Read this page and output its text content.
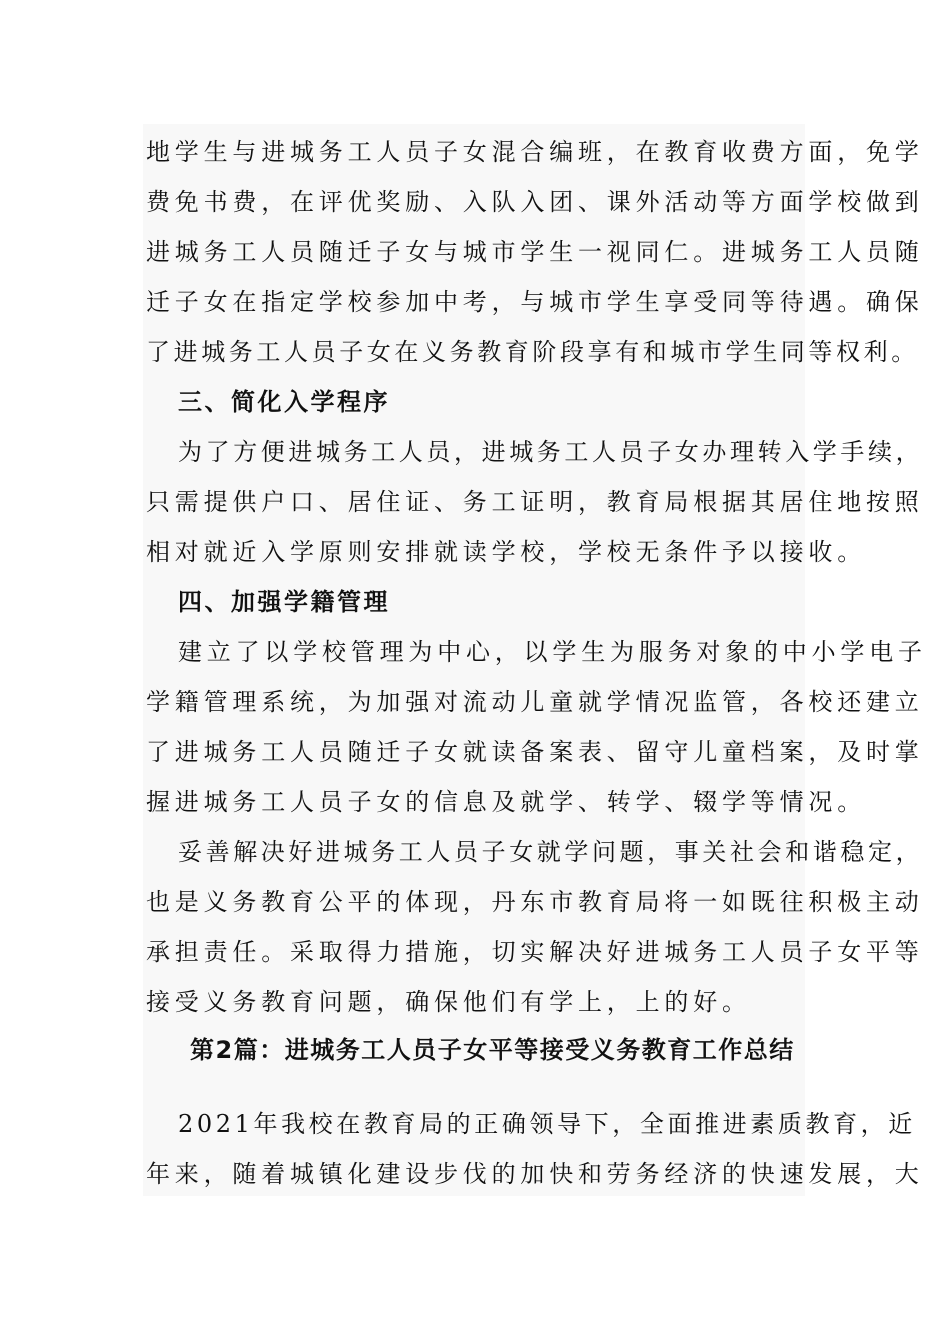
地学生与进城务工人员子女混合编班，在教育收费方面，免学
费免书费，在评优奖励、入队入团、课外活动等方面学校做到
进城务工人员随迁子女与城市学生一视同仁。进城务工人员随
迁子女在指定学校参加中考，与城市学生享受同等待遇。确保
了进城务工人员子女在义务教育阶段享有和城市学生同等权利。
三、简化入学程序
为了方便进城务工人员，进城务工人员子女办理转入学手续，
只需提供户口、居住证、务工证明，教育局根据其居住地按照
相对就近入学原则安排就读学校，学校无条件予以接收。
四、加强学籍管理
建立了以学校管理为中心，以学生为服务对象的中小学电子
学籍管理系统，为加强对流动儿童就学情况监管，各校还建立
了进城务工人员随迁子女就读备案表、留守儿童档案，及时掌
握进城务工人员子女的信息及就学、转学、辍学等情况。
妥善解决好进城务工人员子女就学问题，事关社会和谐稳定，
也是义务教育公平的体现，丹东市教育局将一如既往积极主动
承担责任。采取得力措施，切实解决好进城务工人员子女平等
接受义务教育问题，确保他们有学上，上的好。
第2篇：进城务工人员子女平等接受义务教育工作总结
2021年我校在教育局的正确领导下，全面推进素质教育，近
年来，随着城镇化建设步伐的加快和劳务经济的快速发展，大
